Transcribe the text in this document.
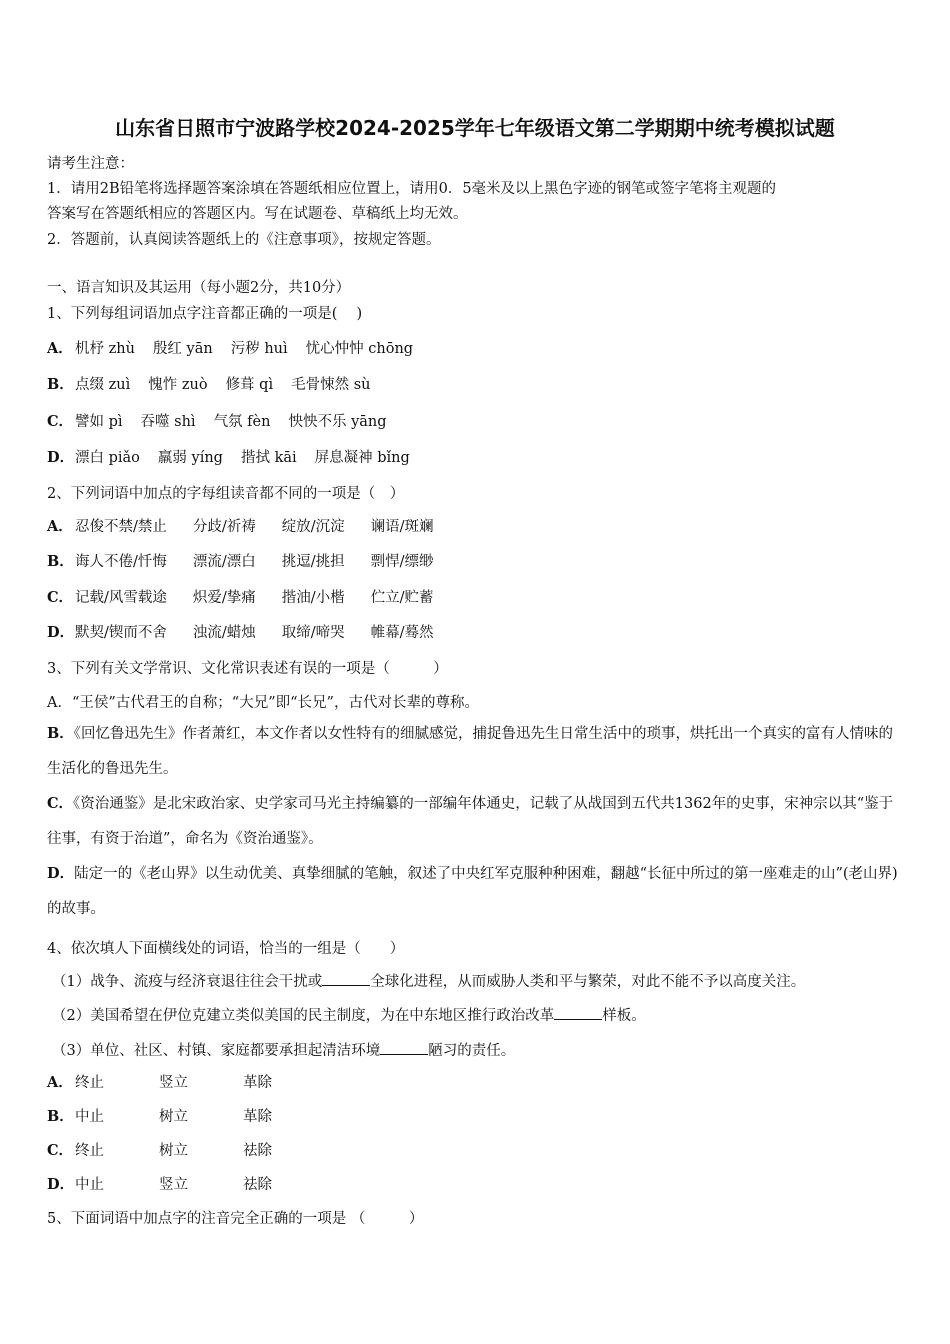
山东省日照市宁波路学校2024-2025学年七年级语文第二学期期中统考模拟试题
请考生注意：
1．请用2B铅笔将选择题答案涂填在答题纸相应位置上，请用0．5毫米及以上黑色字迹的钢笔或签字笔将主观题的
答案写在答题纸相应的答题区内。写在试题卷、草稿纸上均无效。
2．答题前，认真阅读答题纸上的《注意事项》，按规定答题。
一、语言知识及其运用（每小题2分，共10分）
1、下列每组词语加点字注音都正确的一项是(　 )
A． 机杼 zhù 殷红 yān 污秽 huì 忧心忡忡 chōng
B．点缀 zuì 愧怍 zuò 修葺 qì 毛骨悚然 sù
C． 譬如 pì 吞噬 shì 气氛 fèn 怏怏不乐 yāng
D．漂白 piǎo 羸弱 yíng 揩拭 kāi 屏息凝神 bǐng
2、下列词语中加点的字每组读音都不同的一项是（　）
A． 忍俊不禁/禁止 分歧/祈祷 绽放/沉淀 谰语/斑斓
B．诲人不倦/忏悔 漂流/漂白 挑逗/挑担 剽悍/缥缈
C． 记载/风雪载途 炽爱/挚痛 揩油/小楷 伫立/贮蓄
D．默契/锲而不舍 浊流/蜡烛 取缔/啼哭 帷幕/蓦然
3、下列有关文学常识、文化常识表述有误的一项是（　　　）
A．“王侯”古代君王的自称；“大兄”即“长兄”，古代对长辈的尊称。
B．《回忆鲁迅先生》作者萧红，本文作者以女性特有的细腻感觉，捕捉鲁迅先生日常生活中的琐事，烘托出一个真实的富有人情味的生活化的鲁迅先生。
C．《资治通鉴》是北宋政治家、史学家司马光主持编纂的一部编年体通史，记载了从战国到五代共1362年的史事，宋神宗以其“鉴于往事，有资于治道”，命名为《资治通鉴》。
D．陆定一的《老山界》以生动优美、真挚细腻的笔触，叙述了中央红军克服种种困难，翻越“长征中所过的第一座难走的山”(老山界)的故事。
4、依次填人下面横线处的词语，恰当的一组是（　　）
（1）战争、流疫与经济衰退往往会干扰或	全球化进程，从而威胁人类和平与繁荣，对此不能不予以高度关注。
（2）美国希望在伊位克建立类似美国的民主制度，为在中东地区推行政治改革	样板。
（3）单位、社区、村镇、家庭都要承担起清洁环境	陋习的责任。
A． 终止	竖立	革除
B．中止	树立	革除
C． 终止	树立	祛除
D．中止	竖立	祛除
5、下面词语中加点字的注音完全正确的一项是 （　　　）
